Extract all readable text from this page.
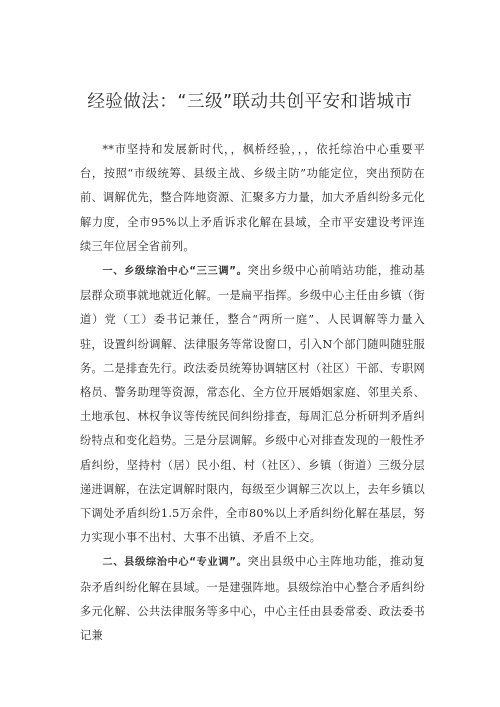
经验做法：“三级”联动共创平安和谐城市

**市坚持和发展新时代，，枫桥经验，，，依托综治中心重要平台，按照“市级统筹、县级主战、乡级主防”功能定位，突出预防在前、调解优先，整合阵地资源、汇聚多方力量，加大矛盾纠纷多元化解力度，全市95%以上矛盾诉求化解在县域，全市平安建设考评连续三年位居全省前列。

一、乡级综治中心“三三调”。突出乡级中心前哨站功能，推动基层群众琐事就地就近化解。一是扁平指挥。乡级中心主任由乡镇（街道）党（工）委书记兼任，整合“两所一庭”、人民调解等力量入驻，设置纠纷调解、法律服务等常设窗口，引入N个部门随叫随驻服务。二是排查先行。政法委员统筹协调辖区村（社区）干部、专职网格员、警务助理等资源，常态化、全方位开展婚姻家庭、邻里关系、土地承包、林权争议等传统民间纠纷排查，每周汇总分析研判矛盾纠纷特点和变化趋势。三是分层调解。乡级中心对排查发现的一般性矛盾纠纷，坚持村（居）民小组、村（社区）、乡镇（街道）三级分层递进调解，在法定调解时限内，每级至少调解三次以上，去年乡镇以下调处矛盾纠纷1.5万余件，全市80%以上矛盾纠纷化解在基层，努力实现小事不出村、大事不出镇、矛盾不上交。

二、县级综治中心“专业调”。突出县级中心主阵地功能，推动复杂矛盾纠纷化解在县域。一是建强阵地。县级综治中心整合矛盾纠纷多元化解、公共法律服务等多中心，中心主任由县委常委、政法委书记兼
